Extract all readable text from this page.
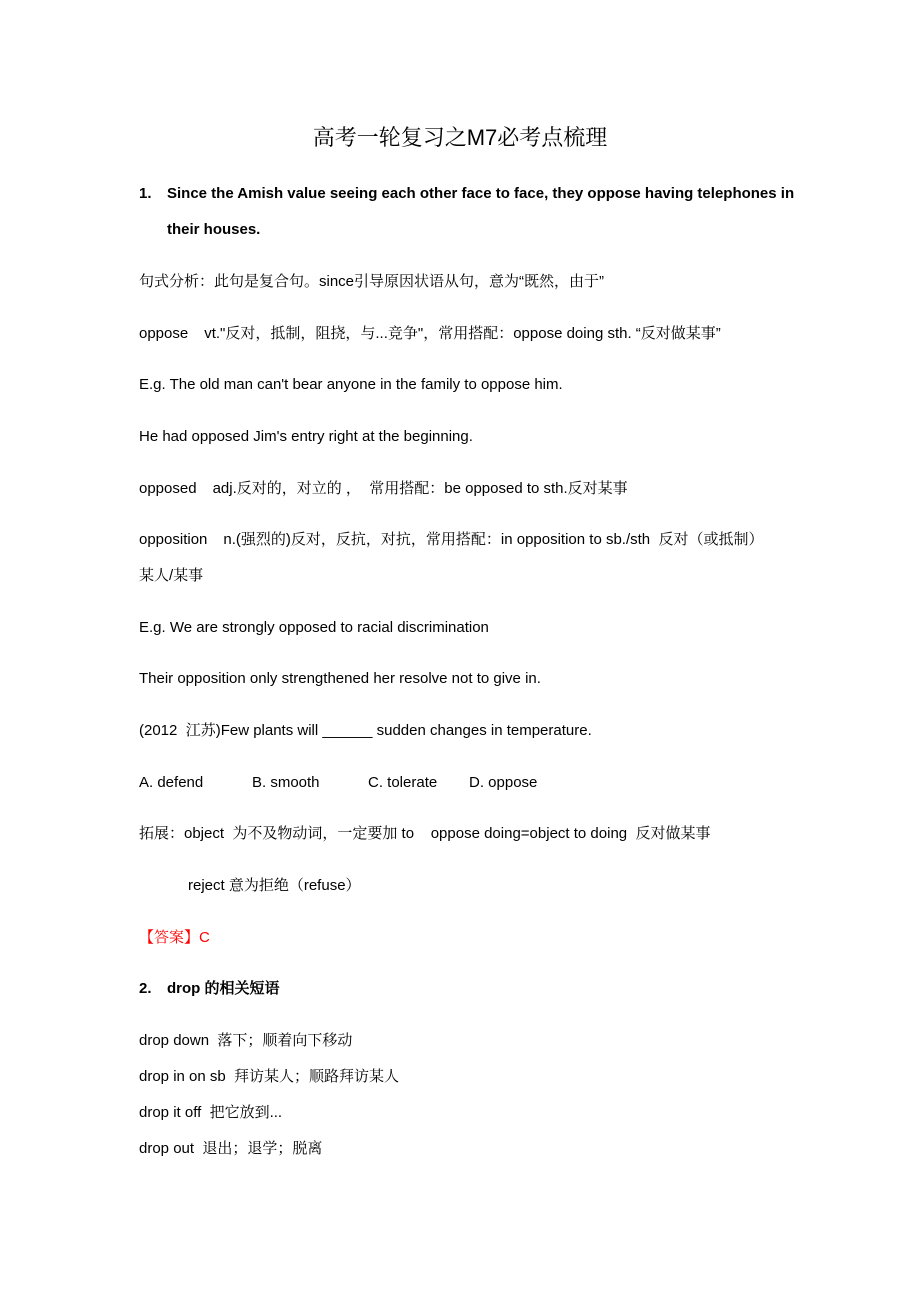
高考一轮复习之M7必考点梳理
1. Since the Amish value seeing each other face to face, they oppose having telephones in
their houses.
句式分析：此句是复合句。since引导原因状语从句，意为“既然，由于”
oppose vt."反对，抵制，阻挠，与...竞争"，常用搭配：oppose doing sth. “反对做某事”
E.g. The old man can't bear anyone in the family to oppose him.
He had opposed Jim's entry right at the beginning.
opposed adj.反对的，对立的 ，  常用搭配：be opposed to sth.反对某事
opposition n.(强烈的)反对，反抗，对抗，常用搭配：in opposition to sb./sth  反对（或抵制）
某人/某事
E.g. We are strongly opposed to racial discrimination
Their opposition only strengthened her resolve not to give in.
(2012  江苏)Few plants will ______ sudden changes in temperature.
A. defend	B. smooth	C. tolerate D. oppose
拓展：object  为不及物动词，一定要加 to    oppose doing=object to doing  反对做某事
reject 意为拒绝（refuse）
【答案】C
2. drop 的相关短语
drop down  落下；顺着向下移动
drop in on sb  拜访某人；顺路拜访某人
drop it off  把它放到...
drop out  退出；退学；脱离
